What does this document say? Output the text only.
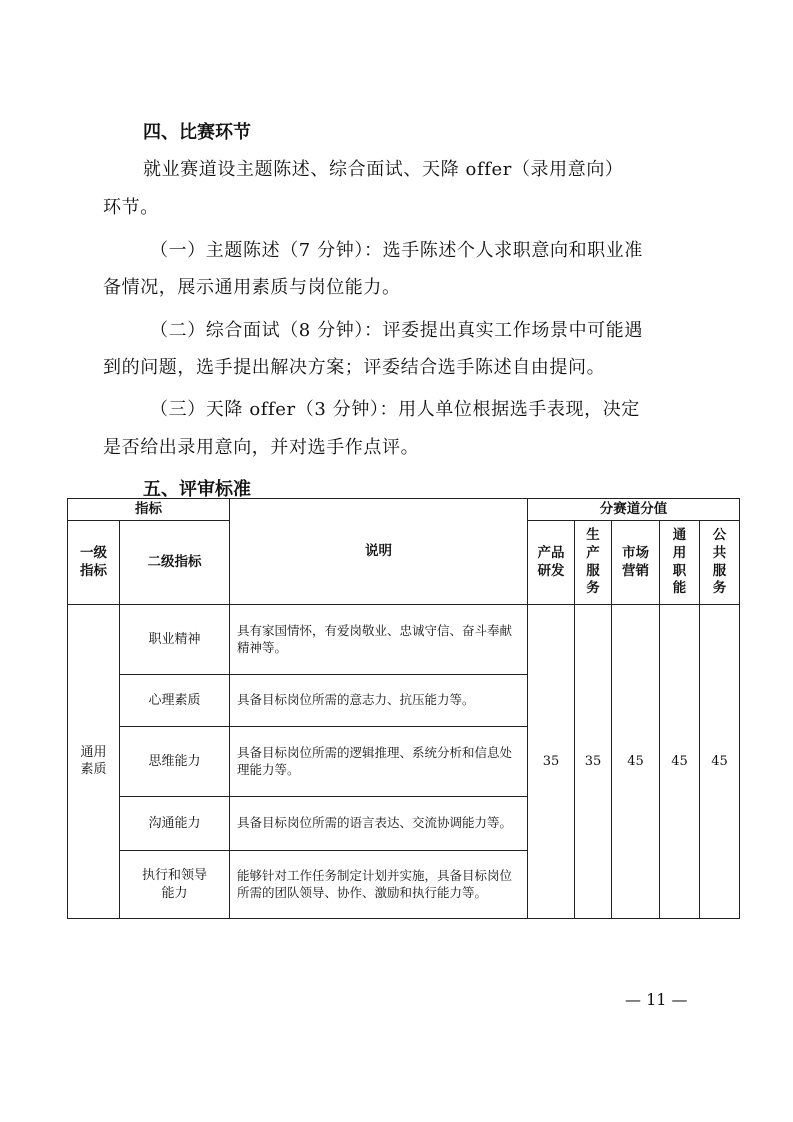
四、比赛环节
就业赛道设主题陈述、综合面试、天降 offer（录用意向）
环节。
（一）主题陈述（7 分钟）：选手陈述个人求职意向和职业准
备情况，展示通用素质与岗位能力。
（二）综合面试（8 分钟）：评委提出真实工作场景中可能遇
到的问题，选手提出解决方案；评委结合选手陈述自由提问。
（三）天降 offer（3 分钟）：用人单位根据选手表现，决定
是否给出录用意向，并对选手作点评。
五、评审标准
指标		说明	分赛道分值				
一级指标	二级指标		产品研发	生产服务	市场营销	通用职能	公共服务
通用素质	职业精神	具有家国情怀，有爱岗敬业、忠诚守信、奋斗奉献精神等。	35	35	45	45	45
	心理素质	具备目标岗位所需的意志力、抗压能力等。					
	思维能力	具备目标岗位所需的逻辑推理、系统分析和信息处理能力等。					
	沟通能力	具备目标岗位所需的语言表达、交流协调能力等。					
	执行和领导能力	能够针对工作任务制定计划并实施，具备目标岗位所需的团队领导、协作、激励和执行能力等。					
— 11 —
